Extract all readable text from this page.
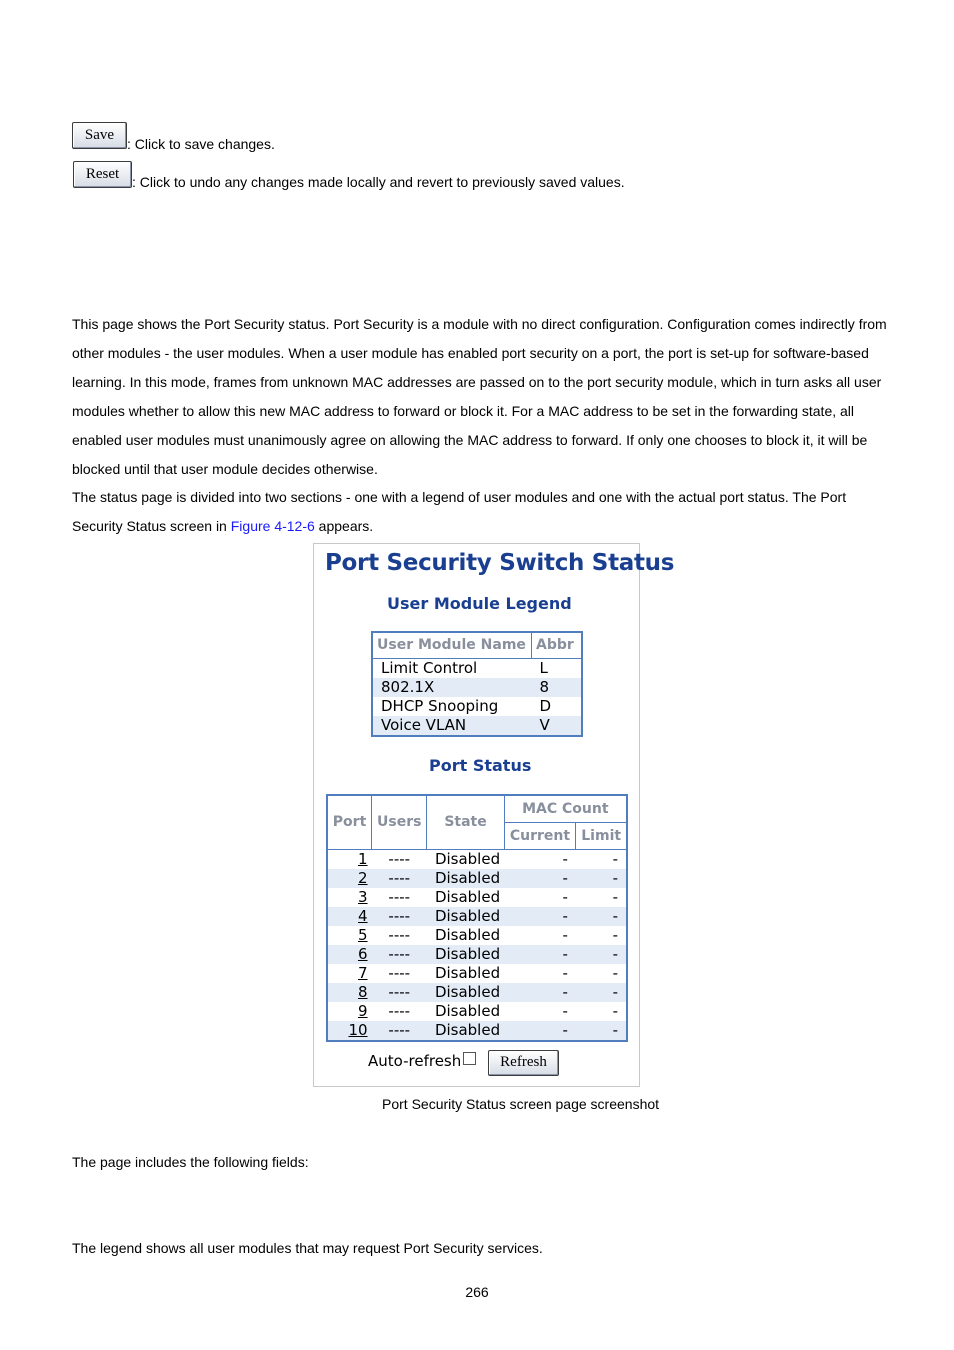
Save
: Click to save changes.
Reset : Click to undo any changes made locally and revert to previously saved values.
This page shows the Port Security status. Port Security is a module with no direct configuration. Configuration comes indirectly from other modules - the user modules. When a user module has enabled port security on a port, the port is set-up for software-based learning. In this mode, frames from unknown MAC addresses are passed on to the port security module, which in turn asks all user modules whether to allow this new MAC address to forward or block it. For a MAC address to be set in the forwarding state, all enabled user modules must unanimously agree on allowing the MAC address to forward. If only one chooses to block it, it will be blocked until that user module decides otherwise.
The status page is divided into two sections - one with a legend of user modules and one with the actual port status. The Port Security Status screen in Figure 4-12-6 appears.
Port Security Switch Status
User Module Legend
User Module Name	Abbr
Limit Control	L
802.1X	8
DHCP Snooping	D
Voice VLAN	V
Port Status
Port	Users	State	MAC Count	
			Current	Limit
1	----	Disabled	-	-
2	----	Disabled	-	-
3	----	Disabled	-	-
4	----	Disabled	-	-
5	----	Disabled	-	-
6	----	Disabled	-	-
7	----	Disabled	-	-
8	----	Disabled	-	-
9	----	Disabled	-	-
10	----	Disabled	-	-
Auto-refresh	Refresh
Port Security Status screen page screenshot
The page includes the following fields:
The legend shows all user modules that may request Port Security services.
266
